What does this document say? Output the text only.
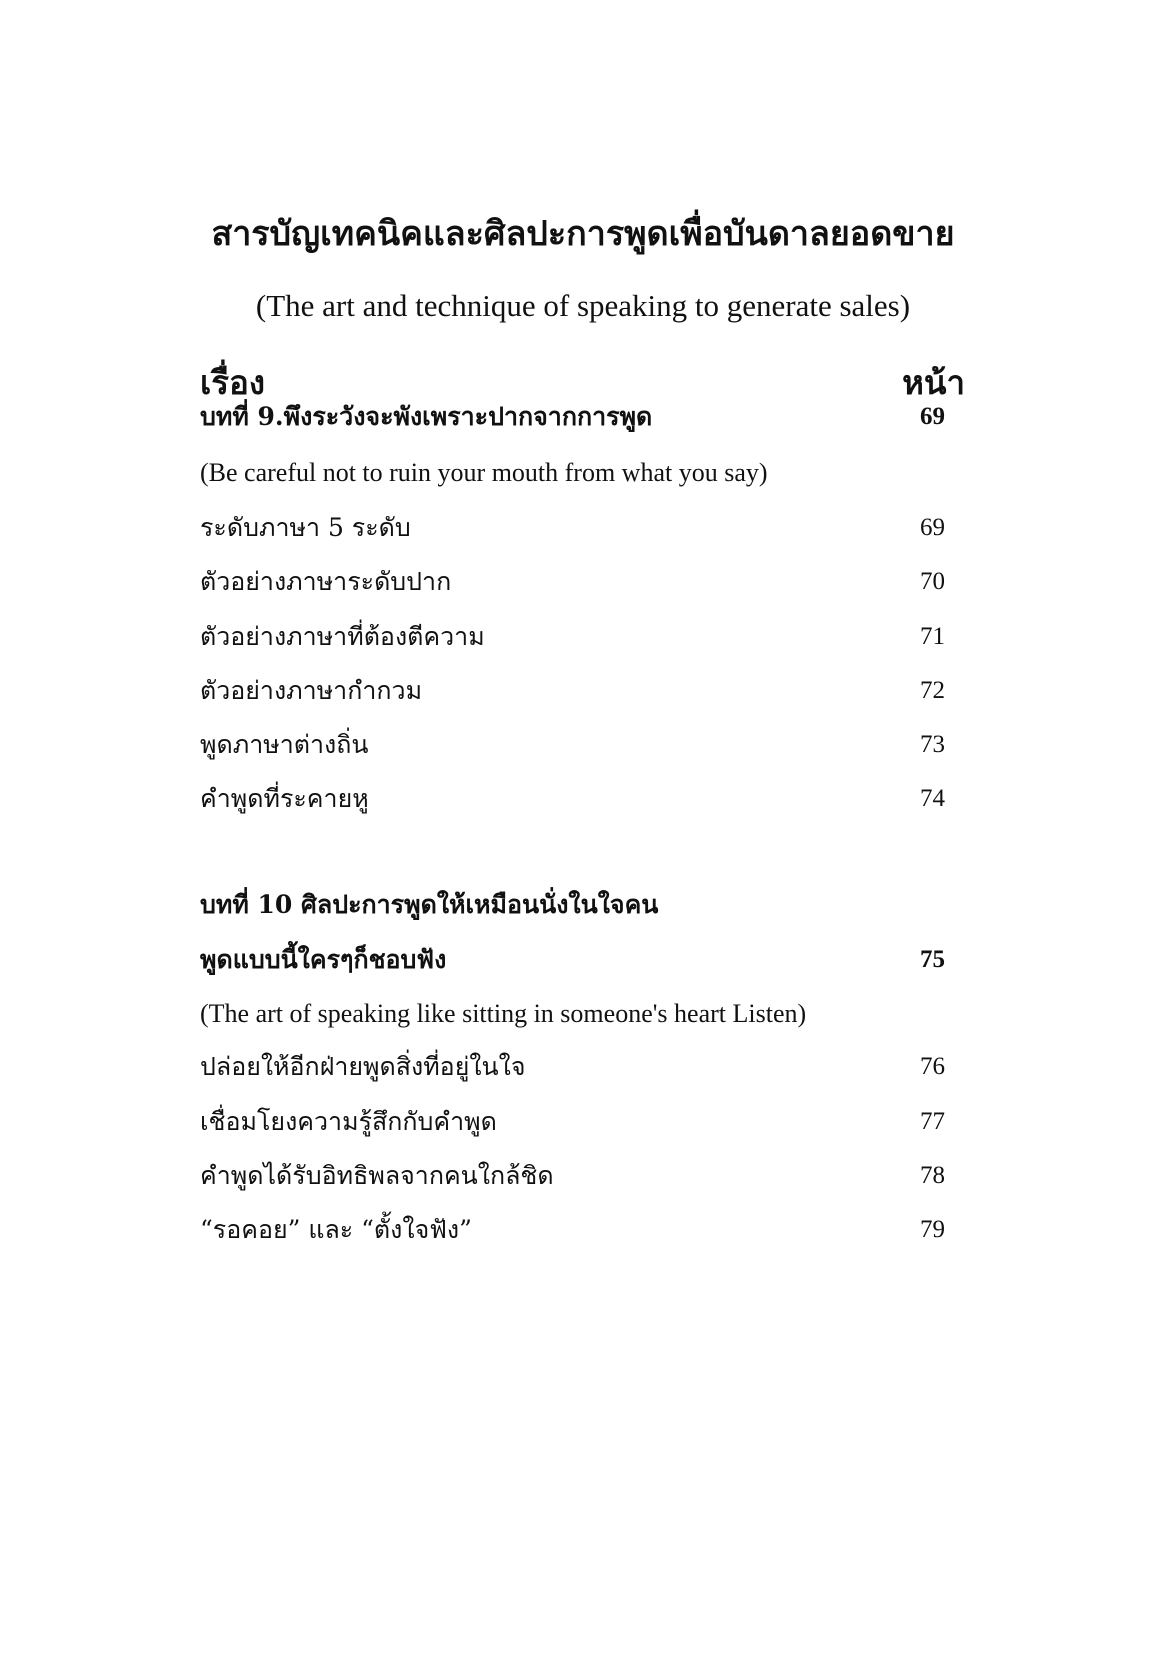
สารบัญเทคนิคและศิลปะการพูดเพื่อบันดาลยอดขาย
(The art and technique of speaking to generate sales)
เรื่อง	หน้า
บทที่ 9.พึงระวังจะพังเพราะปากจากการพูด	69
(Be careful not to ruin your mouth from what you say)
ระดับภาษา 5 ระดับ	69
ตัวอย่างภาษาระดับปาก	70
ตัวอย่างภาษาที่ต้องตีความ	71
ตัวอย่างภาษากำกวม	72
พูดภาษาต่างถิ่น	73
คำพูดที่ระคายหู	74
บทที่ 10 ศิลปะการพูดให้เหมือนนั่งในใจคน
พูดแบบนี้ใครๆก็ชอบฟัง	75
(The art of speaking like sitting in someone's heart Listen)
ปล่อยให้อีกฝ่ายพูดสิ่งที่อยู่ในใจ	76
เชื่อมโยงความรู้สึกกับคำพูด	77
คำพูดได้รับอิทธิพลจากคนใกล้ชิด	78
“รอคอย” และ “ตั้งใจฟัง”	79
